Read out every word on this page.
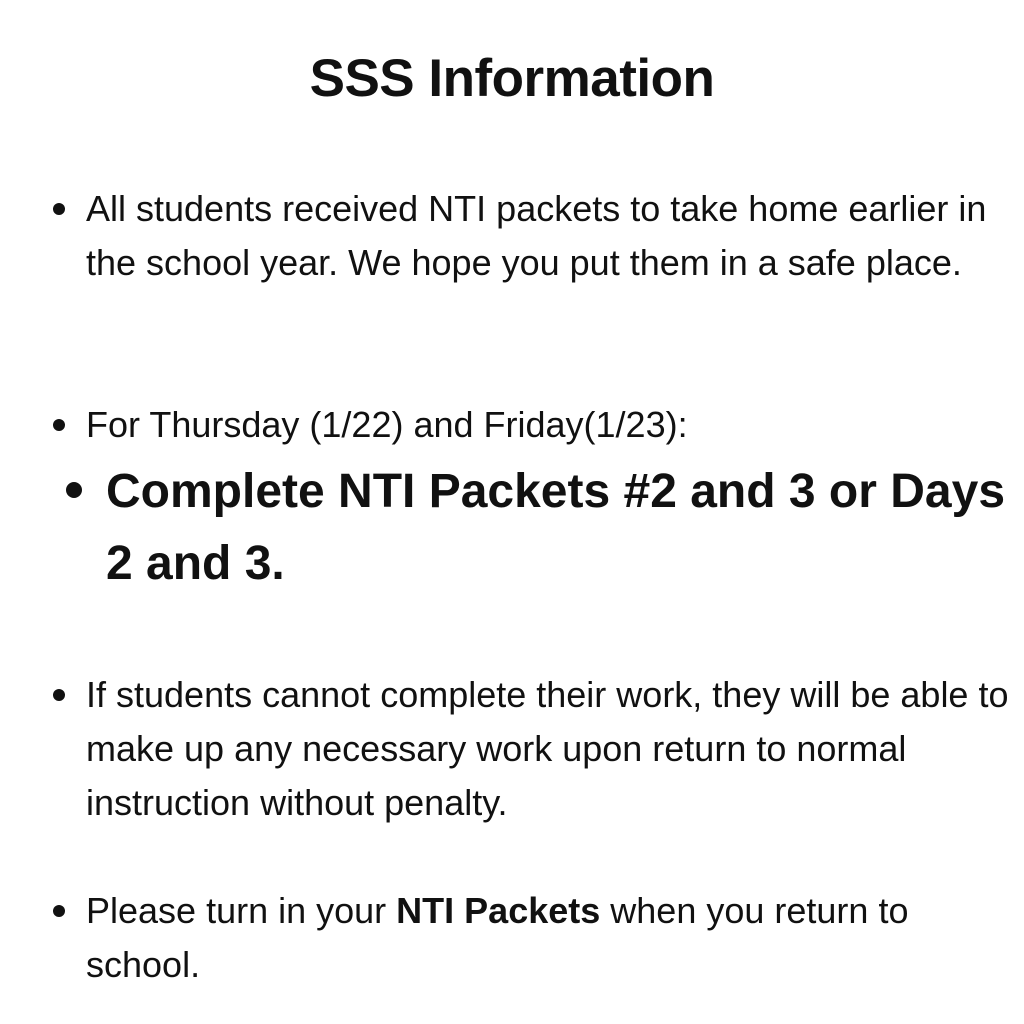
SSS Information

All students received NTI packets to take home earlier in the school year. We hope you put them in a safe place.

For Thursday (1/22) and Friday(1/23):

Complete NTI Packets #2 and 3 or Days 2 and 3.

If students cannot complete their work, they will be able to make up any necessary work upon return to normal instruction without penalty.

Please turn in your NTI Packets when you return to school.
